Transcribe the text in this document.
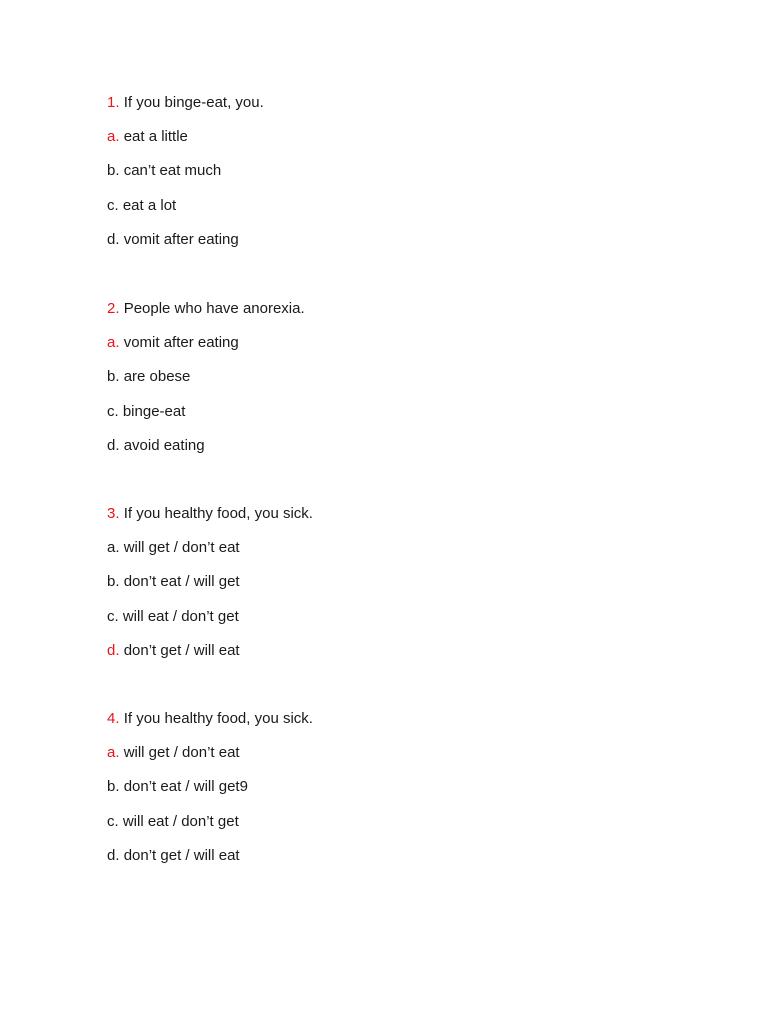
1. If you binge-eat, you.
a. eat a little
b. can’t eat much
c. eat a lot
d. vomit after eating
2. People who have anorexia.
a. vomit after eating
b. are obese
c. binge-eat
d. avoid eating
3. If you healthy food, you sick.
a. will get / don’t eat
b. don’t eat / will get
c. will eat / don’t get
d. don’t get / will eat
4. If you healthy food, you sick.
a. will get / don’t eat
b. don’t eat / will get9
c. will eat / don’t get
d. don’t get / will eat
